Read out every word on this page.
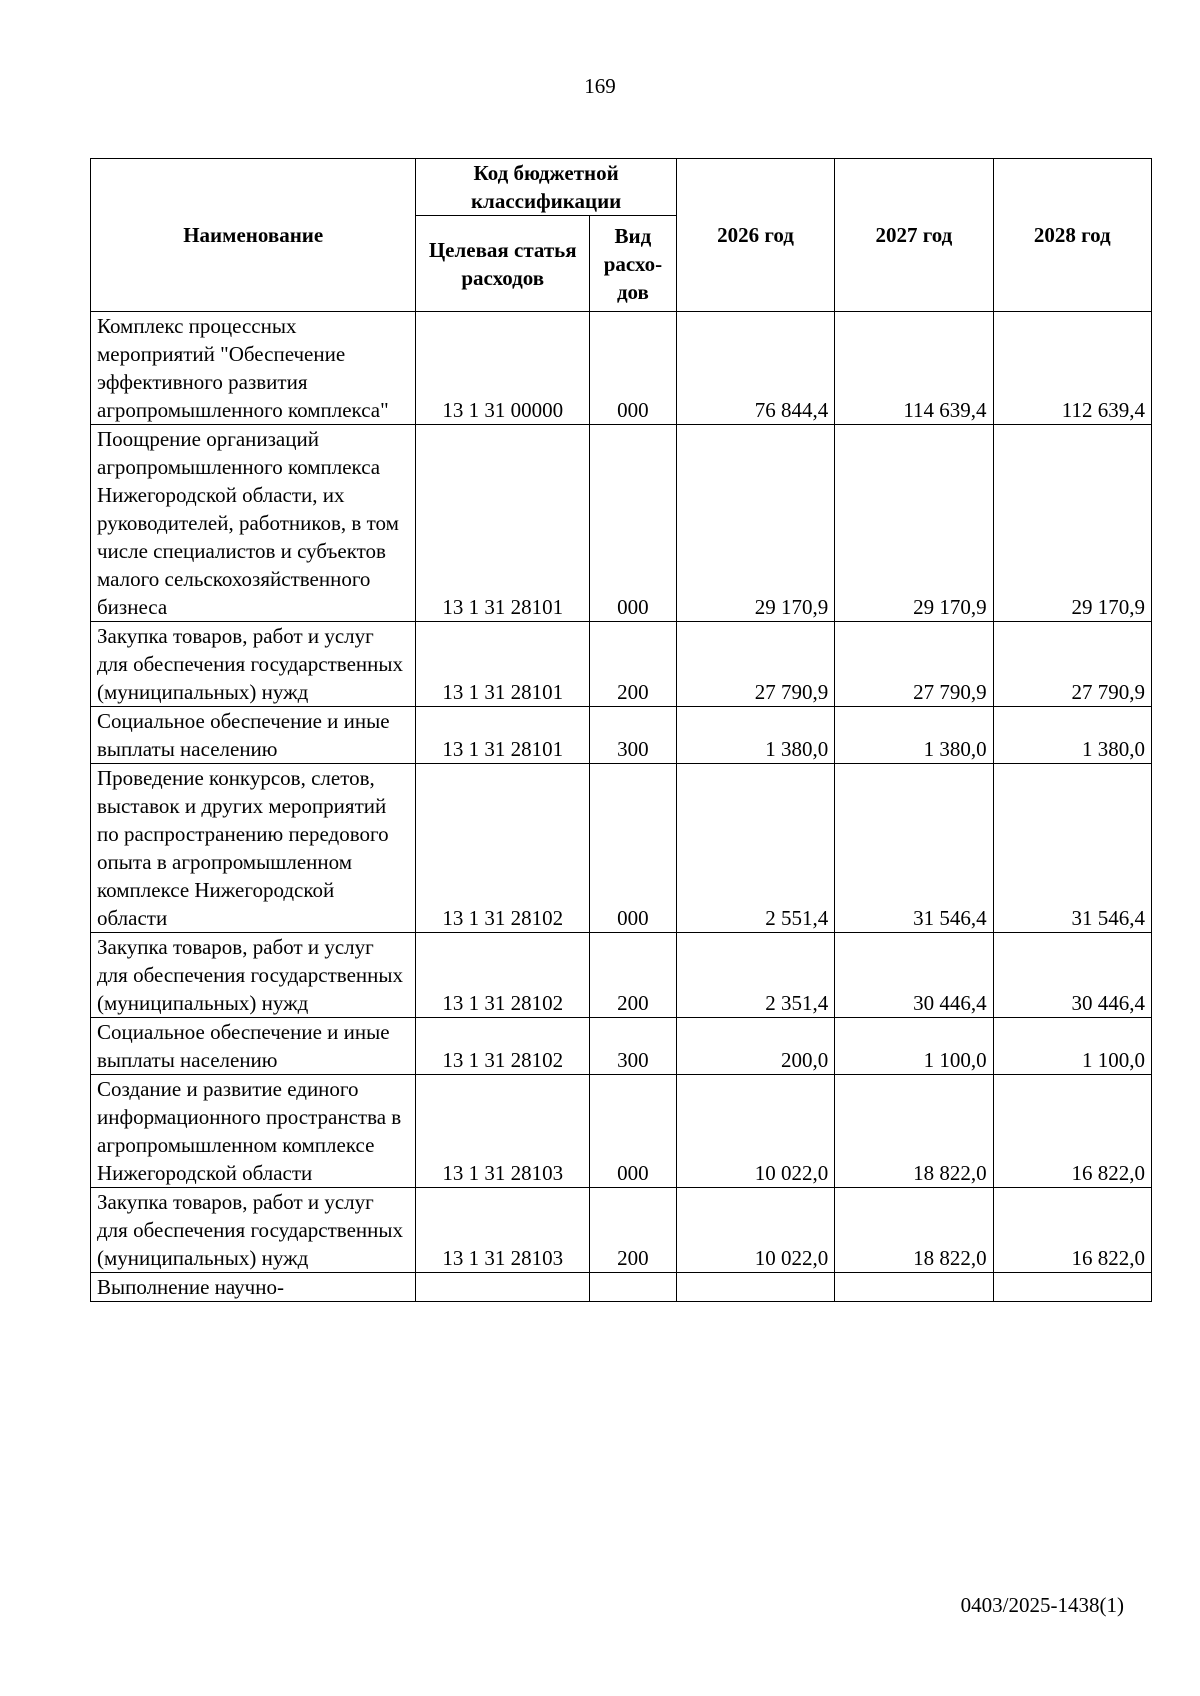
169
Наименование	Код бюджетной классификации		2026 год	2027 год	2028 год
	Целевая статья расходов	Вид расхо-дов			
Комплекс процессных мероприятий "Обеспечение эффективного развития агропромышленного комплекса"	13 1 31 00000	000	76 844,4	114 639,4	112 639,4
Поощрение организаций агропромышленного комплекса Нижегородской области, их руководителей, работников, в том числе специалистов и субъектов малого сельскохозяйственного бизнеса	13 1 31 28101	000	29 170,9	29 170,9	29 170,9
Закупка товаров, работ и услуг для обеспечения государственных (муниципальных) нужд	13 1 31 28101	200	27 790,9	27 790,9	27 790,9
Социальное обеспечение и иные выплаты населению	13 1 31 28101	300	1 380,0	1 380,0	1 380,0
Проведение конкурсов, слетов, выставок и других мероприятий по распространению передового опыта в агропромышленном комплексе Нижегородской области	13 1 31 28102	000	2 551,4	31 546,4	31 546,4
Закупка товаров, работ и услуг для обеспечения государственных (муниципальных) нужд	13 1 31 28102	200	2 351,4	30 446,4	30 446,4
Социальное обеспечение и иные выплаты населению	13 1 31 28102	300	200,0	1 100,0	1 100,0
Создание и развитие единого информационного пространства в агропромышленном комплексе Нижегородской области	13 1 31 28103	000	10 022,0	18 822,0	16 822,0
Закупка товаров, работ и услуг для обеспечения государственных (муниципальных) нужд	13 1 31 28103	200	10 022,0	18 822,0	16 822,0
Выполнение научно-					
0403/2025-1438(1)
